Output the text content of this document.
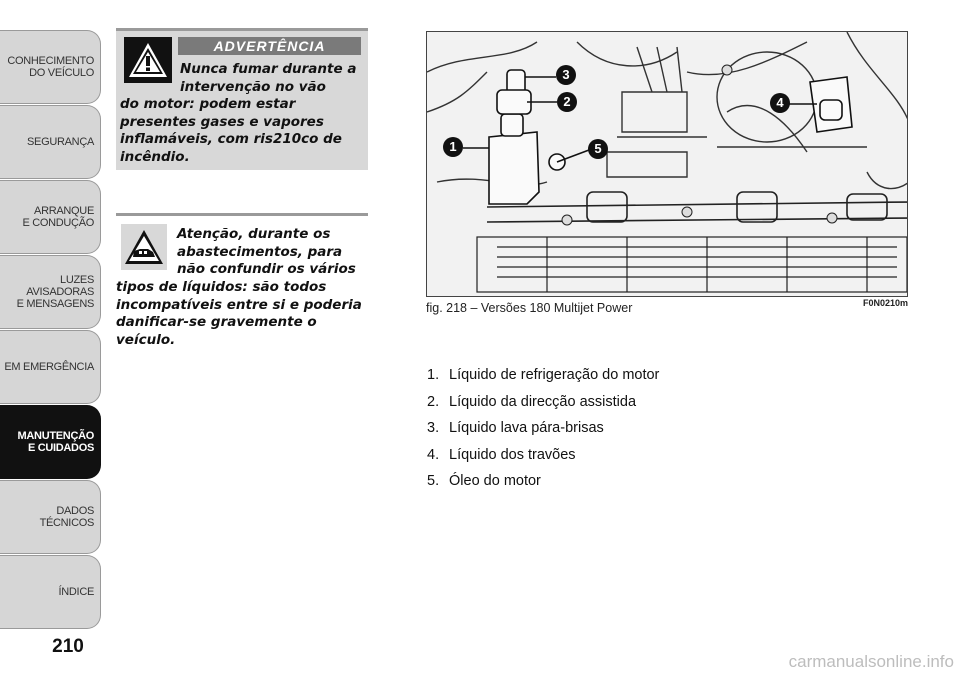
CONHECIMENTO
DO VEÍCULO
SEGURANÇA
ARRANQUE
E CONDUÇÃO
LUZES
AVISADORAS
E MENSAGENS
EM EMERGÊNCIA
MANUTENÇÃO
E CUIDADOS
DADOS
TÉCNICOS
ÍNDICE
210
ADVERTÊNCIA
Nunca fumar durante a intervenção no vão
do motor: podem estar presentes gases e vapores inflamáveis, com ris210co de incêndio.
Atenção, durante os abastecimentos, para não confundir os vários
tipos de líquidos: são todos incompatíveis entre si e poderia danificar-se gravemente o veículo.
1
2
3
4
5
fig. 218 – Versões 180 Multijet Power	F0N0210m
1. Líquido de refrigeração do motor
2. Líquido da direcção assistida
3. Líquido lava pára-brisas
4. Líquido dos travões
5. Óleo do motor
carmanualsonline.info
